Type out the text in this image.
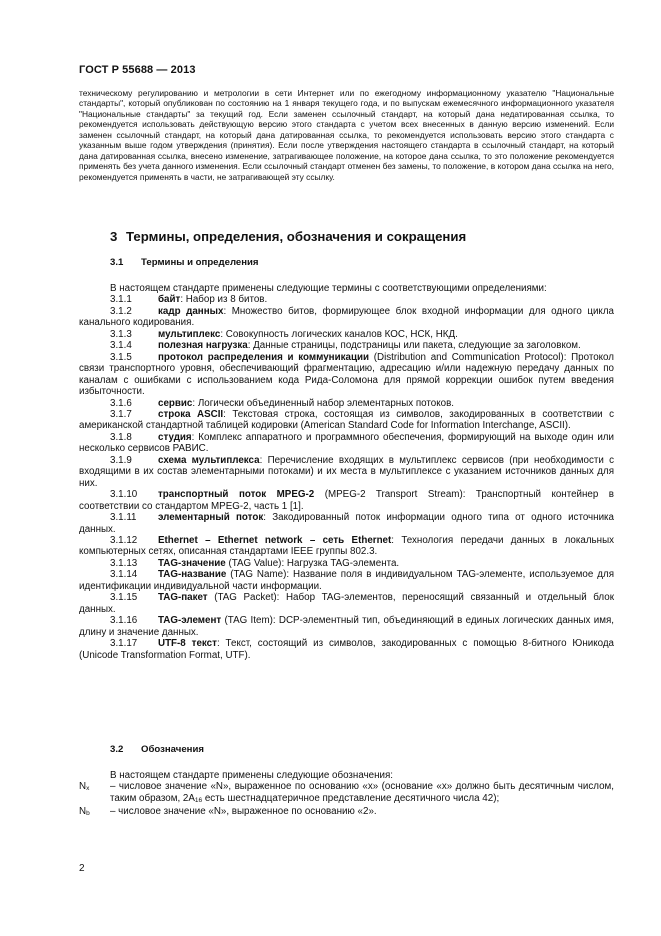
ГОСТ Р 55688 — 2013

техническому регулированию и метрологии в сети Интернет или по ежегодному информационному указателю "Национальные стандарты", который опубликован по состоянию на 1 января текущего года, и по выпускам ежемесячного информационного указателя "Национальные стандарты" за текущий год. Если заменен ссылочный стандарт, на который дана недатированная ссылка, то рекомендуется использовать действующую версию этого стандарта с учетом всех внесенных в данную версию изменений. Если заменен ссылочный стандарт, на который дана датированная ссылка, то рекомендуется использовать версию этого стандарта с указанным выше годом утверждения (принятия). Если после утверждения настоящего стандарта в ссылочный стандарт, на который дана датированная ссылка, внесено изменение, затрагивающее положение, на которое дана ссылка, то это положение рекомендуется применять без учета данного изменения. Если ссылочный стандарт отменен без замены, то положение, в котором дана ссылка на него, рекомендуется применять в части, не затрагивающей эту ссылку.

3 Термины, определения, обозначения и сокращения
3.1 Термины и определения

В настоящем стандарте применены следующие термины с соответствующими определениями:

3.1.1	байт: Набор из 8 битов.

3.1.2	кадр данных: Множество битов, формирующее блок входной информации для одного цикла канального кодирования.

3.1.3	мультиплекс: Совокупность логических каналов КОС, НСК, НКД.

3.1.4	полезная нагрузка: Данные страницы, подстраницы или пакета, следующие за заголовком.

3.1.5	протокол распределения и коммуникации (Distribution and Communication Protocol): Протокол связи транспортного уровня, обеспечивающий фрагментацию, адресацию и/или надежную передачу данных по каналам с ошибками с использованием кода Рида-Соломона для прямой коррекции ошибок путем введения избыточности.

3.1.6	сервис: Логически объединенный набор элементарных потоков.

3.1.7	строка ASCII: Текстовая строка, состоящая из символов, закодированных в соответствии с американской стандартной таблицей кодировки (American Standard Code for Information Interchange, ASCII).

3.1.8	студия: Комплекс аппаратного и программного обеспечения, формирующий на выходе один или несколько сервисов РАВИС.

3.1.9	схема мультиплекса: Перечисление входящих в мультиплекс сервисов (при необходимости с входящими в их состав элементарными потоками) и их места в мультиплексе с указанием источников данных для них.

3.1.10 транспортный поток MPEG-2 (MPEG-2 Transport Stream): Транспортный контейнер в соответствии со стандартом MPEG-2, часть 1 [1].

3.1.11 элементарный поток: Закодированный поток информации одного типа от одного источника данных.

3.1.12 Ethernet – Ethernet network – сеть Ethernet: Технология передачи данных в локальных компьютерных сетях, описанная стандартами IEEE группы 802.3.

3.1.13 TAG-значение (TAG Value): Нагрузка TAG-элемента.

3.1.14 TAG-название (TAG Name): Название поля в индивидуальном TAG-элементе, используемое для идентификации индивидуальной части информации.

3.1.15 TAG-пакет (TAG Packet): Набор TAG-элементов, переносящий связанный и отдельный блок данных.

3.1.16 TAG-элемент (TAG Item): DCP-элементный тип, объединяющий в единых логических данных имя, длину и значение данных.

3.1.17 UTF-8 текст: Текст, состоящий из символов, закодированных с помощью 8-битного Юникода (Unicode Transformation Format, UTF).

3.2 Обозначения

В настоящем стандарте применены следующие обозначения:

$N_x$ – числовое значение «N», выраженное по основанию «x» (основание «x» должно быть десятичным числом, таким образом, $2A_{16}$ есть шестнадцатеричное представление десятичного числа 42);

$N_b$ – числовое значение «N», выраженное по основанию «2».

2
